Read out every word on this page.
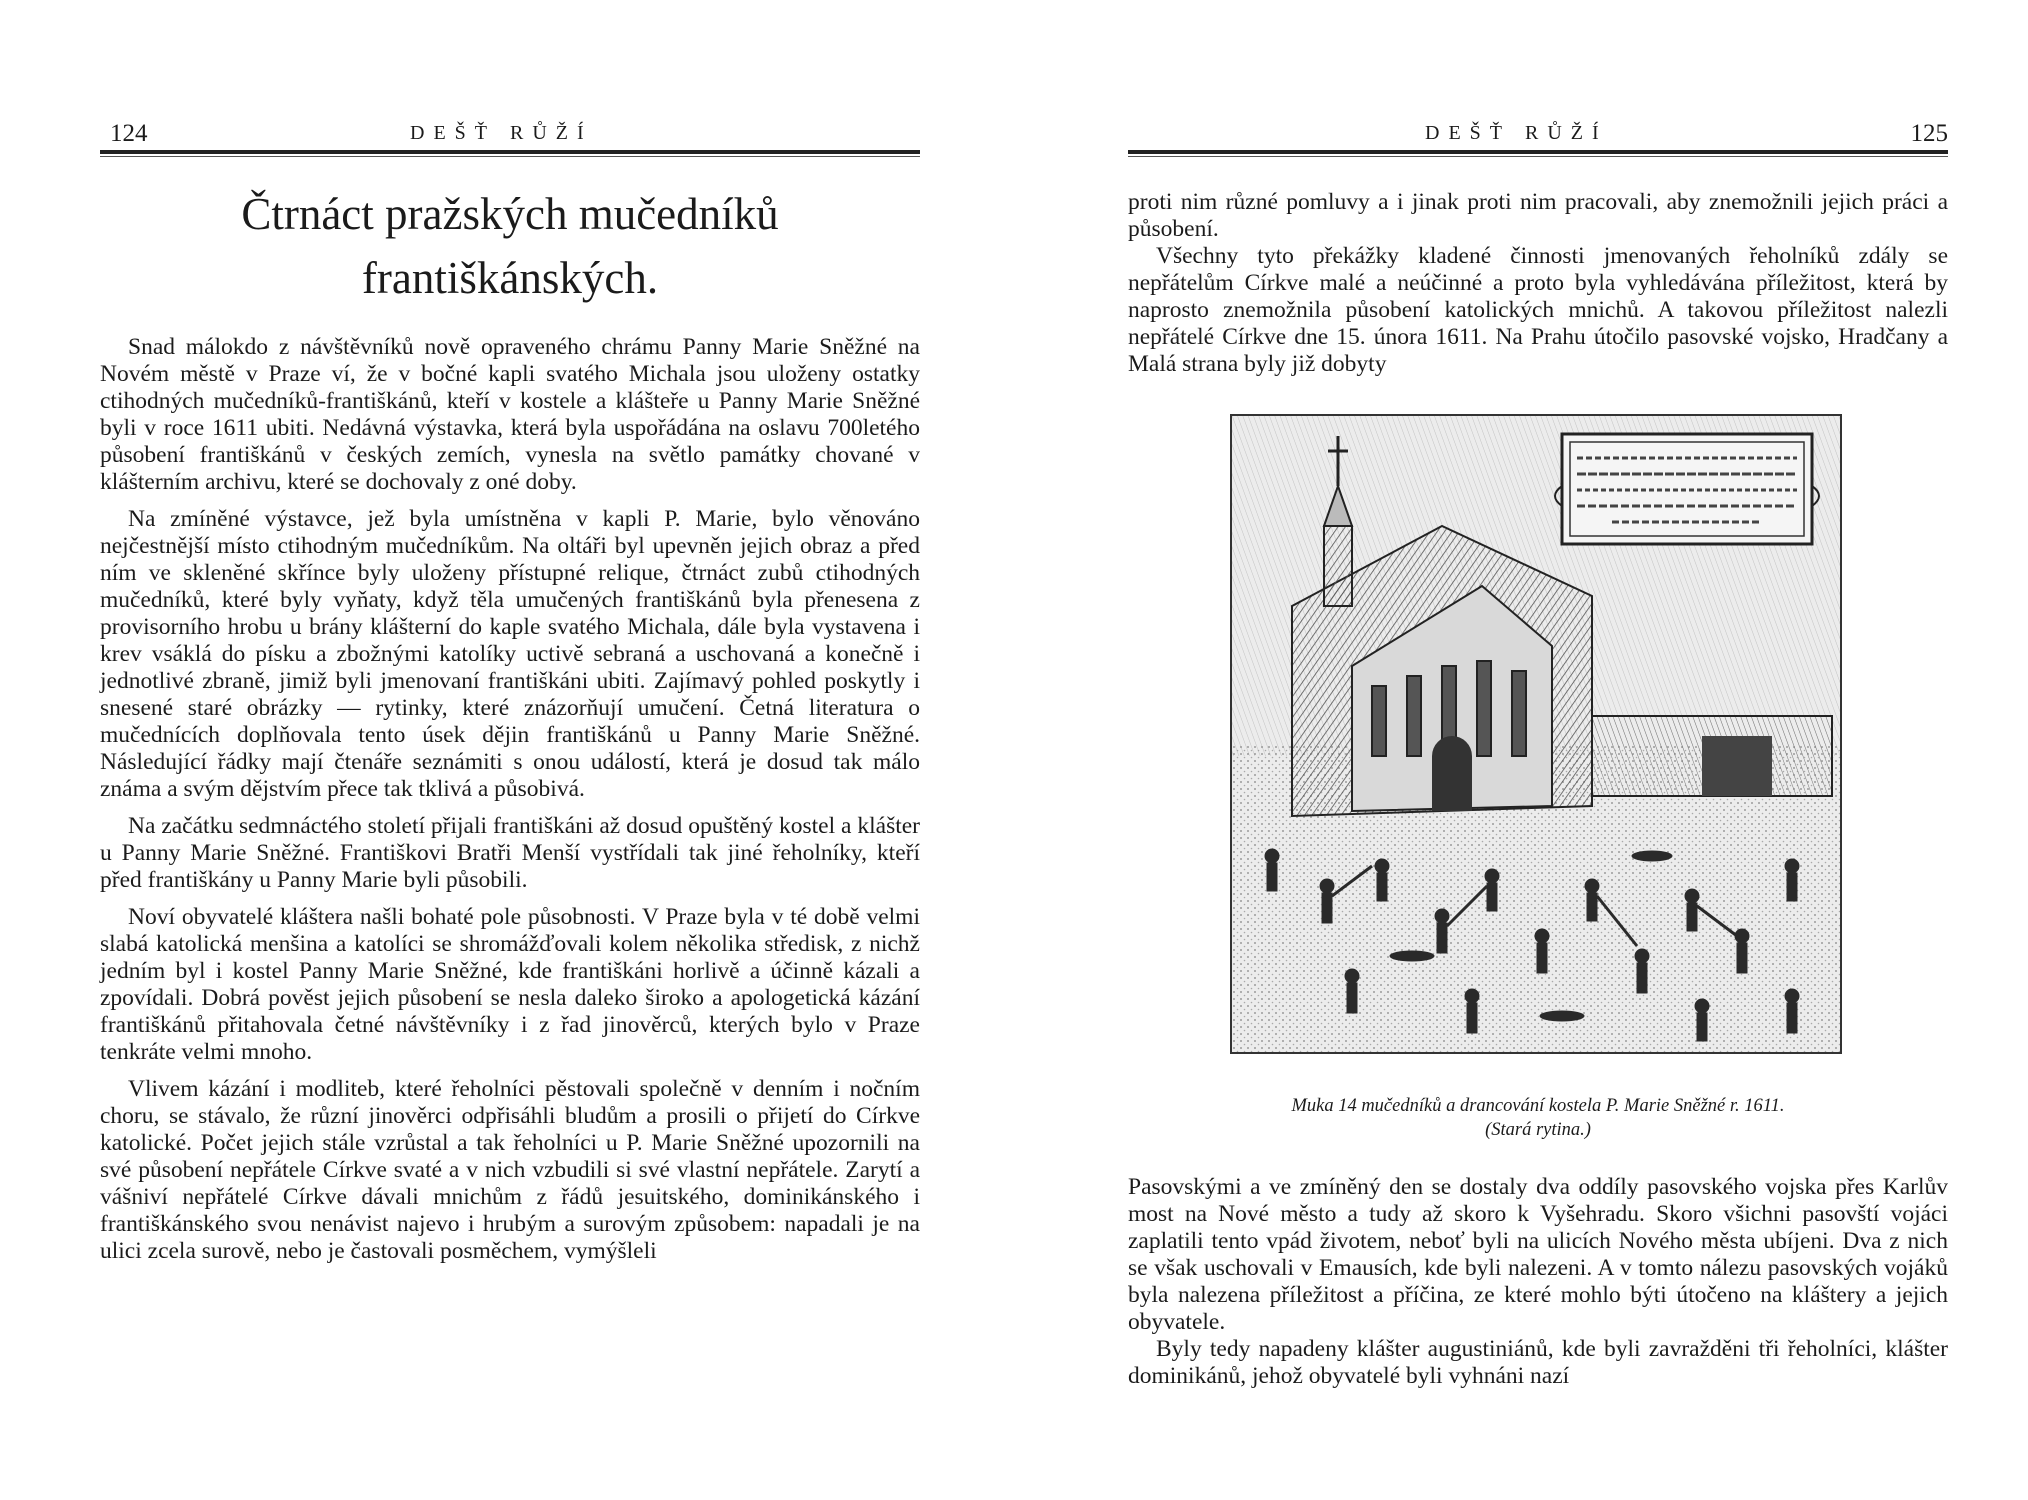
124	DEŠŤ RŮŽÍ
Čtrnáct pražských mučedníků
františkánských.

Snad málokdo z návštěvníků nově opraveného chrámu Panny Marie Sněžné na Novém městě v Praze ví, že v bočné kapli svatého Michala jsou uloženy ostatky ctihodných mučedníků-františkánů, kteří v kostele a klášteře u Panny Marie Sněžné byli v roce 1611 ubiti. Nedávná výstavka, která byla uspořádána na oslavu 700letého působení františkánů v českých zemích, vynesla na světlo památky chované v klášterním archivu, které se dochovaly z oné doby.

Na zmíněné výstavce, jež byla umístněna v kapli P. Marie, bylo věnováno nejčestnější místo ctihodným mučedníkům. Na oltáři byl upevněn jejich obraz a před ním ve skleněné skřínce byly uloženy přístupné relique, čtrnáct zubů ctihodných mučedníků, které byly vyňaty, když těla umučených františkánů byla přenesena z provisorního hrobu u brány klášterní do kaple svatého Michala, dále byla vystavena i krev vsáklá do písku a zbožnými katolíky uctivě sebraná a uschovaná a konečně i jednotlivé zbraně, jimiž byli jmenovaní františkáni ubiti. Zajímavý pohled poskytly i snesené staré obrázky — rytinky, které znázorňují umučení. Četná literatura o mučednících doplňovala tento úsek dějin františkánů u Panny Marie Sněžné. Následující řádky mají čtenáře seznámiti s onou událostí, která je dosud tak málo známa a svým dějstvím přece tak tklivá a působivá.

Na začátku sedmnáctého století přijali františkáni až dosud opuštěný kostel a klášter u Panny Marie Sněžné. Františkovi Bratři Menší vystřídali tak jiné řeholníky, kteří před františkány u Panny Marie byli působili.

Noví obyvatelé kláštera našli bohaté pole působnosti. V Praze byla v té době velmi slabá katolická menšina a katolíci se shromážďovali kolem několika středisk, z nichž jedním byl i kostel Panny Marie Sněžné, kde františkáni horlivě a účinně kázali a zpovídali. Dobrá pověst jejich působení se nesla daleko široko a apologetická kázání františkánů přitahovala četné návštěvníky i z řad jinověrců, kterých bylo v Praze tenkráte velmi mnoho.

Vlivem kázání i modliteb, které řeholníci pěstovali společně v denním i nočním choru, se stávalo, že různí jinověrci odpřisáhli bludům a prosili o přijetí do Církve katolické. Počet jejich stále vzrůstal a tak řeholníci u P. Marie Sněžné upozornili na své působení nepřátele Církve svaté a v nich vzbudili si své vlastní nepřátele. Zarytí a vášniví nepřátelé Církve dávali mnichům z řádů jesuitského, dominikánského i františkánského svou nenávist najevo i hrubým a surovým způsobem: napadali je na ulici zcela surově, nebo je častovali posměchem, vymýšleli

DEŠŤ RŮŽÍ	125

proti nim různé pomluvy a i jinak proti nim pracovali, aby znemožnili jejich práci a působení.

Všechny tyto překážky kladené činnosti jmenovaných řeholníků zdály se nepřátelům Církve malé a neúčinné a proto byla vyhledávána příležitost, která by naprosto znemožnila působení katolických mnichů. A takovou příležitost nalezli nepřátelé Církve dne 15. února 1611. Na Prahu útočilo pasovské vojsko, Hradčany a Malá strana byly již dobyty

Muka 14 mučedníků a drancování kostela P. Marie Sněžné r. 1611.
(Stará rytina.)

Pasovskými a ve zmíněný den se dostaly dva oddíly pasovského vojska přes Karlův most na Nové město a tudy až skoro k Vyšehradu. Skoro všichni pasovští vojáci zaplatili tento vpád životem, neboť byli na ulicích Nového města ubíjeni. Dva z nich se však uschovali v Emausích, kde byli nalezeni. A v tomto nálezu pasovských vojáků byla nalezena příležitost a příčina, ze které mohlo býti útočeno na kláštery a jejich obyvatele.

Byly tedy napadeny klášter augustiniánů, kde byli zavražděni tři řeholníci, klášter dominikánů, jehož obyvatelé byli vyhnáni nazí
